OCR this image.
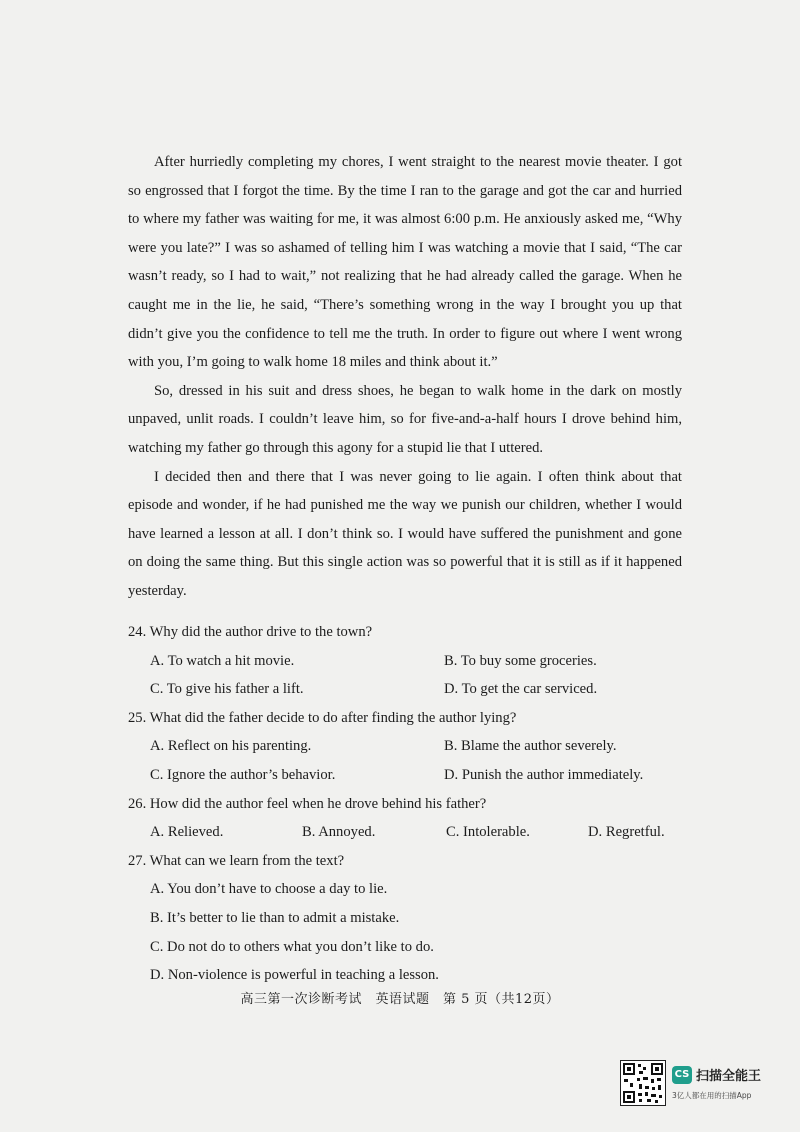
After hurriedly completing my chores, I went straight to the nearest movie theater. I got so engrossed that I forgot the time. By the time I ran to the garage and got the car and hurried to where my father was waiting for me, it was almost 6:00 p.m. He anxiously asked me, “Why were you late?” I was so ashamed of telling him I was watching a movie that I said, “The car wasn’t ready, so I had to wait,” not realizing that he had already called the garage. When he caught me in the lie, he said, “There’s something wrong in the way I brought you up that didn’t give you the confidence to tell me the truth. In order to figure out where I went wrong with you, I’m going to walk home 18 miles and think about it.”

So, dressed in his suit and dress shoes, he began to walk home in the dark on mostly unpaved, unlit roads. I couldn’t leave him, so for five-and-a-half hours I drove behind him, watching my father go through this agony for a stupid lie that I uttered.

I decided then and there that I was never going to lie again. I often think about that episode and wonder, if he had punished me the way we punish our children, whether I would have learned a lesson at all. I don’t think so. I would have suffered the punishment and gone on doing the same thing. But this single action was so powerful that it is still as if it happened yesterday.

24. Why did the author drive to the town?
A. To watch a hit movie.	B. To buy some groceries.
C. To give his father a lift.	D. To get the car serviced.
25. What did the father decide to do after finding the author lying?
A. Reflect on his parenting.	B. Blame the author severely.
C. Ignore the author’s behavior.	D. Punish the author immediately.
26. How did the author feel when he drove behind his father?
A. Relieved.	B. Annoyed.	C. Intolerable.	D. Regretful.
27. What can we learn from the text?
A. You don’t have to choose a day to lie.
B. It’s better to lie than to admit a mistake.
C. Do not do to others what you don’t like to do.
D. Non-violence is powerful in teaching a lesson.
高三第一次诊断考试　英语试题　第 5 页（共12页）
CS 扫描全能王
3亿人都在用的扫描App
